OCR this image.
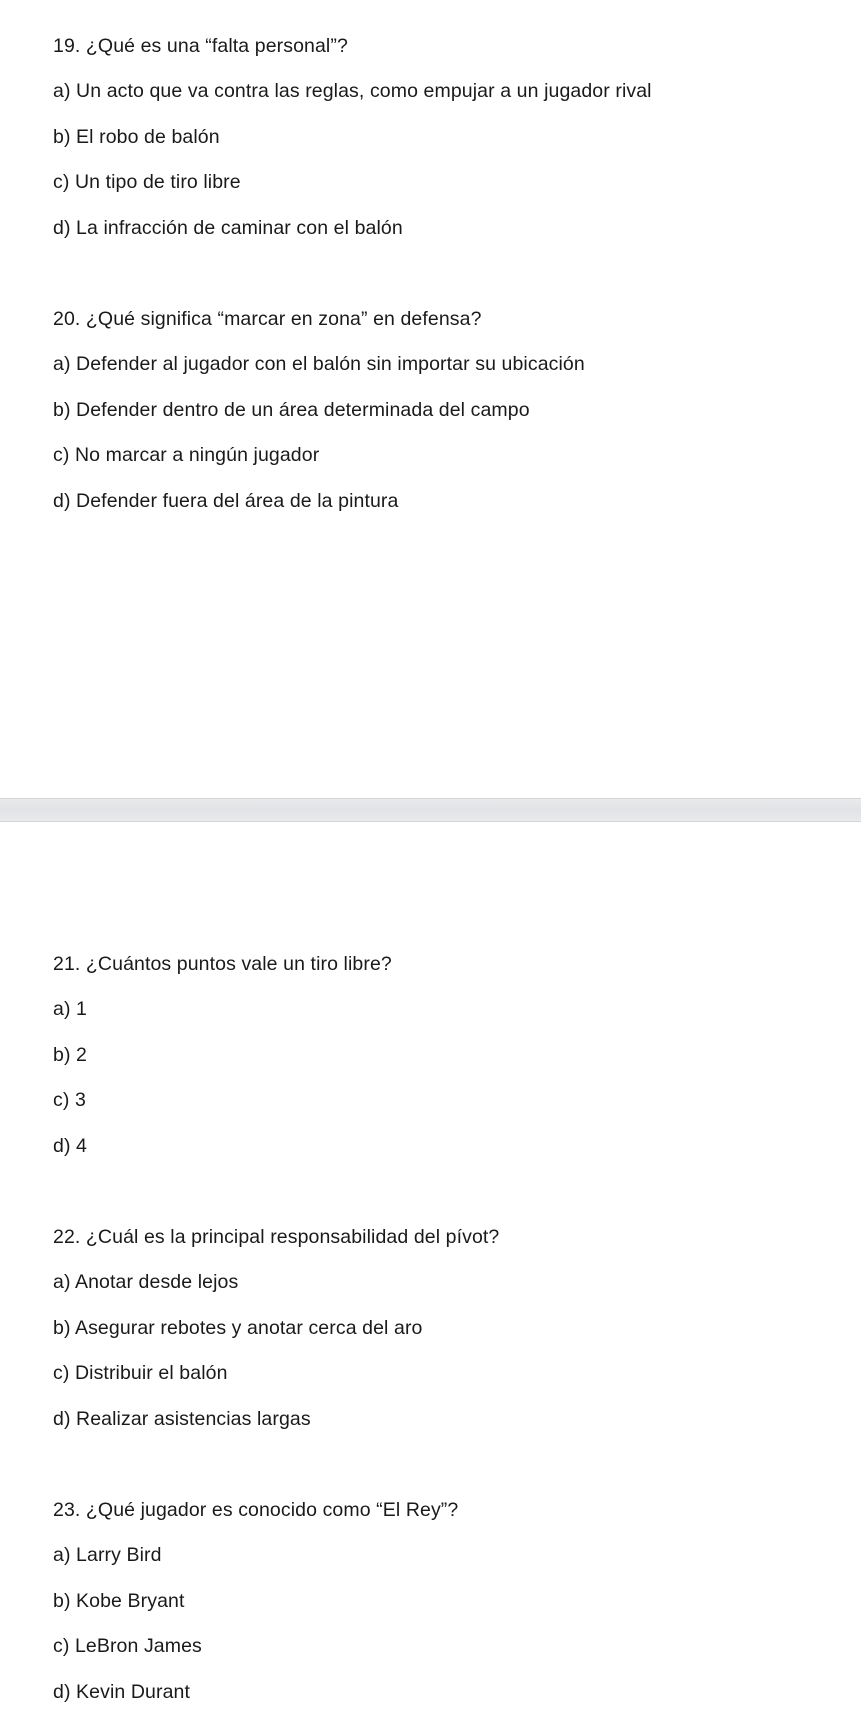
19. ¿Qué es una “falta personal”?
a) Un acto que va contra las reglas, como empujar a un jugador rival
b) El robo de balón
c) Un tipo de tiro libre
d) La infracción de caminar con el balón
20. ¿Qué significa “marcar en zona” en defensa?
a) Defender al jugador con el balón sin importar su ubicación
b) Defender dentro de un área determinada del campo
c) No marcar a ningún jugador
d) Defender fuera del área de la pintura
21. ¿Cuántos puntos vale un tiro libre?
a) 1
b) 2
c) 3
d) 4
22. ¿Cuál es la principal responsabilidad del pívot?
a) Anotar desde lejos
b) Asegurar rebotes y anotar cerca del aro
c) Distribuir el balón
d) Realizar asistencias largas
23. ¿Qué jugador es conocido como “El Rey”?
a) Larry Bird
b) Kobe Bryant
c) LeBron James
d) Kevin Durant
